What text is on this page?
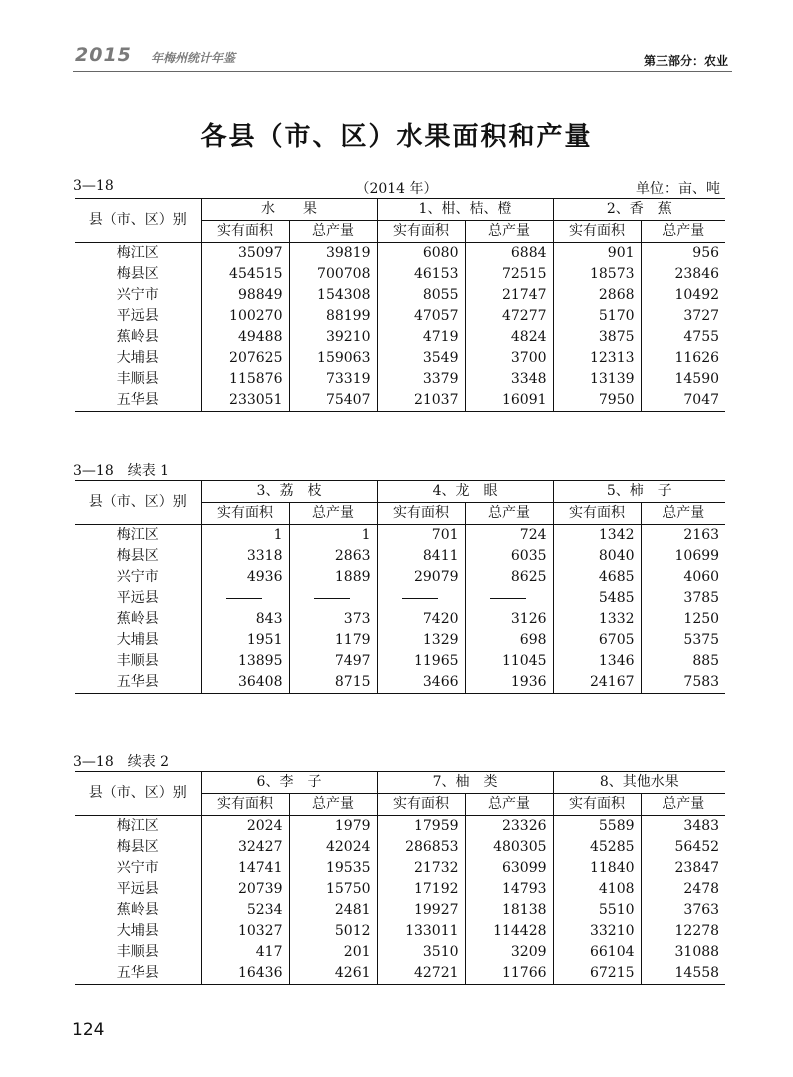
2015 年梅州统计年鉴	第三部分：农业
各县（市、区）水果面积和产量
3—18	（2014 年）	单位：亩、吨
县（市、区）别	水　　果		1、柑、桔、橙		2、香　蕉	
	实有面积	总产量	实有面积	总产量	实有面积	总产量
梅江区	35097	39819	6080	6884	901	956
梅县区	454515	700708	46153	72515	18573	23846
兴宁市	98849	154308	8055	21747	2868	10492
平远县	100270	88199	47057	47277	5170	3727
蕉岭县	49488	39210	4719	4824	3875	4755
大埔县	207625	159063	3549	3700	12313	11626
丰顺县	115876	73319	3379	3348	13139	14590
五华县	233051	75407	21037	16091	7950	7047
3—18　续表 1
县（市、区）别	3、荔　枝		4、龙　眼		5、柿　子	
	实有面积	总产量	实有面积	总产量	实有面积	总产量
梅江区	1	1	701	724	1342	2163
梅县区	3318	2863	8411	6035	8040	10699
兴宁市	4936	1889	29079	8625	4685	4060
平远县					5485	3785
蕉岭县	843	373	7420	3126	1332	1250
大埔县	1951	1179	1329	698	6705	5375
丰顺县	13895	7497	11965	11045	1346	885
五华县	36408	8715	3466	1936	24167	7583
3—18　续表 2
县（市、区）别	6、李　子		7、柚　类		8、其他水果	
	实有面积	总产量	实有面积	总产量	实有面积	总产量
梅江区	2024	1979	17959	23326	5589	3483
梅县区	32427	42024	286853	480305	45285	56452
兴宁市	14741	19535	21732	63099	11840	23847
平远县	20739	15750	17192	14793	4108	2478
蕉岭县	5234	2481	19927	18138	5510	3763
大埔县	10327	5012	133011	114428	33210	12278
丰顺县	417	201	3510	3209	66104	31088
五华县	16436	4261	42721	11766	67215	14558
124
